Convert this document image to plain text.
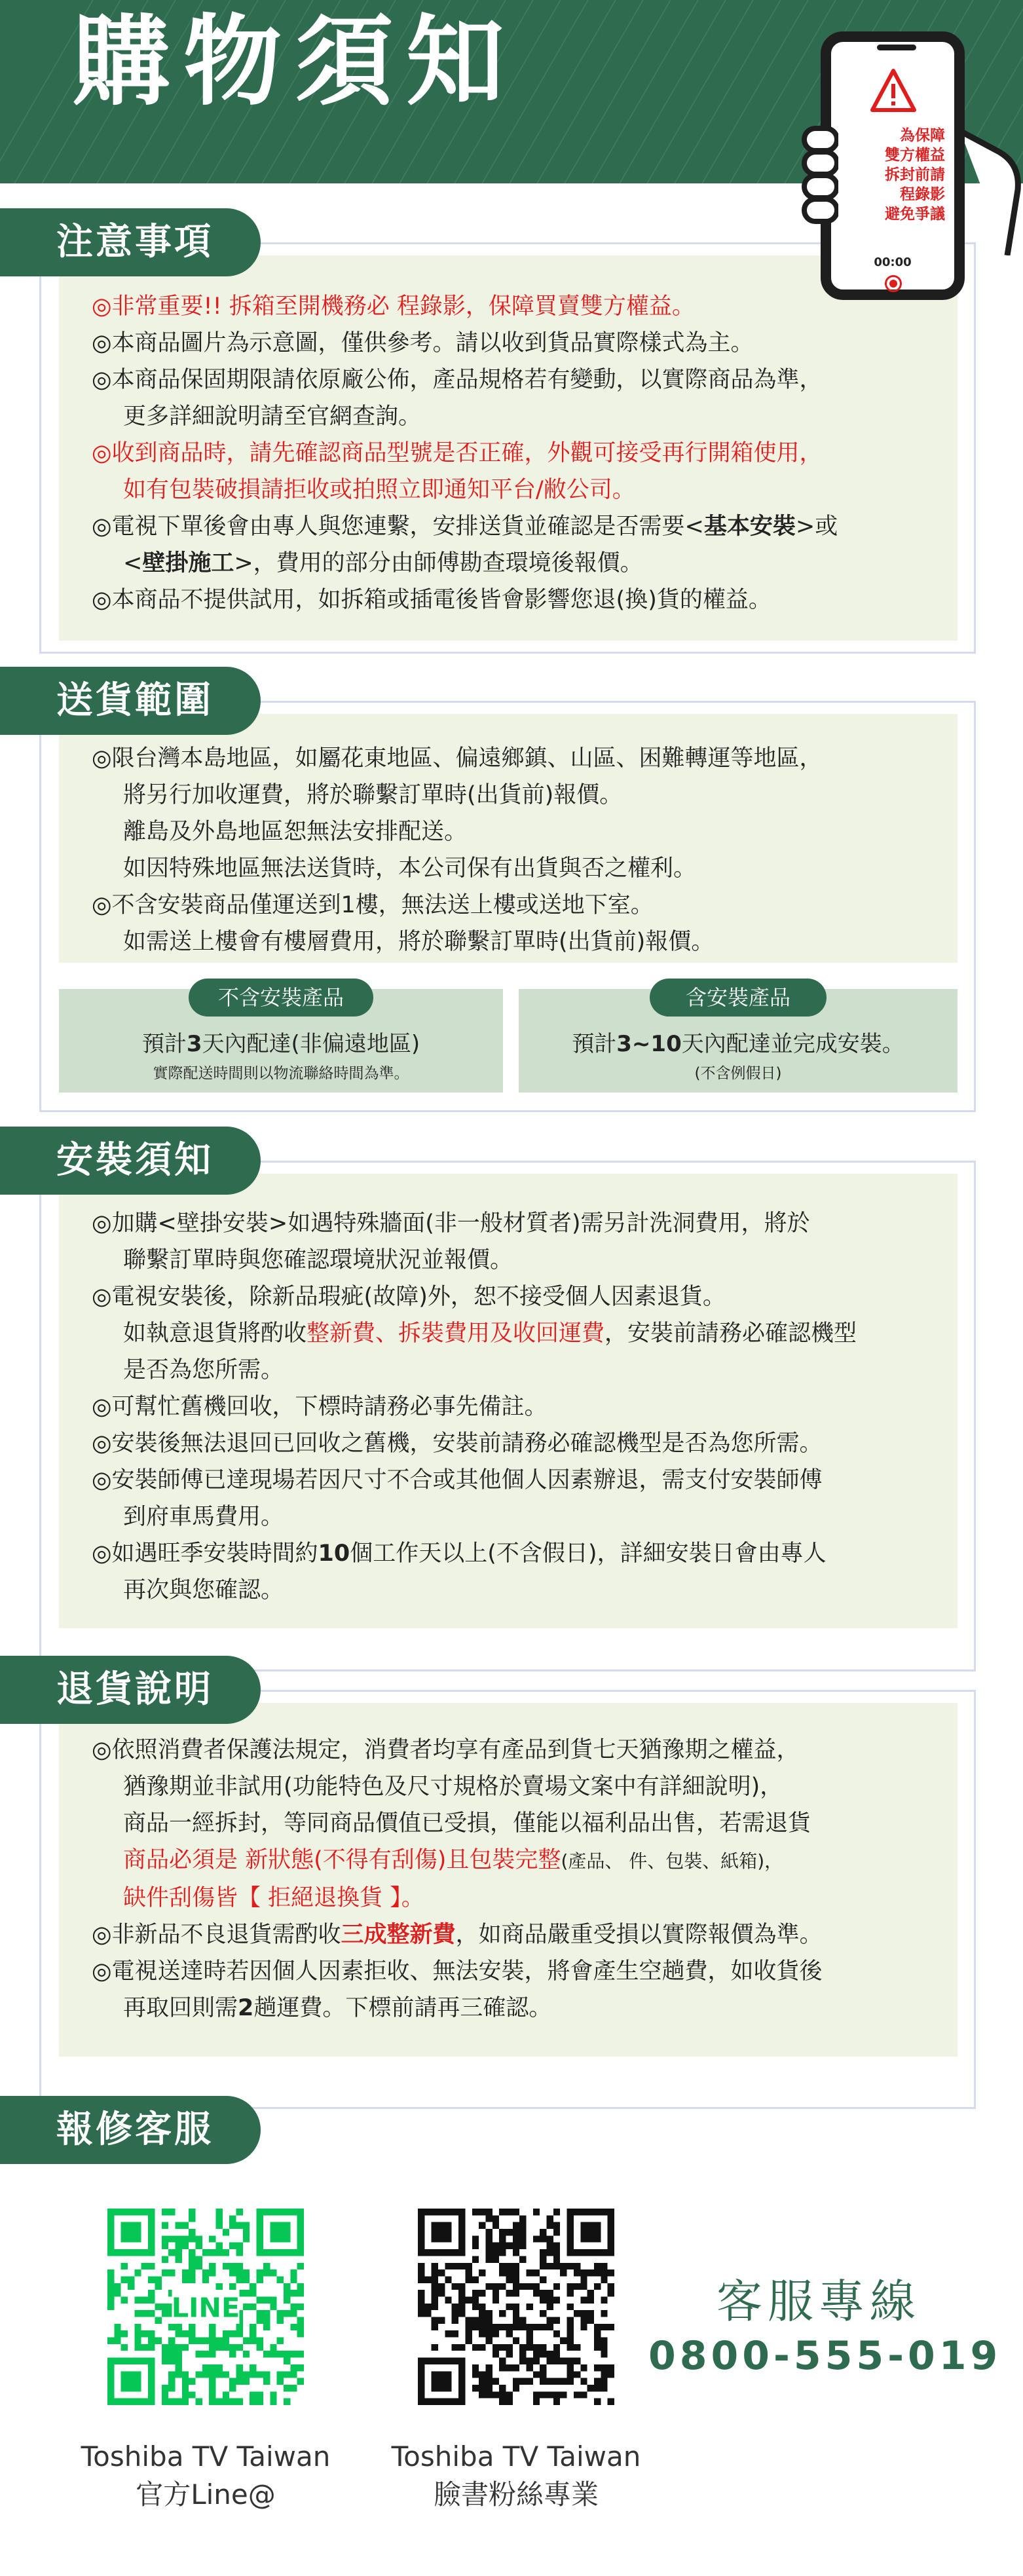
購物須知
為保障
雙方權益
拆封前請
程錄影
避免爭議
00:00
注意事項
◎非常重要!! 拆箱至開機務必 程錄影，保障買賣雙方權益。
◎本商品圖片為示意圖，僅供參考。請以收到貨品實際樣式為主。
◎本商品保固期限請依原廠公佈，產品規格若有變動，以實際商品為準，
更多詳細說明請至官網查詢。
◎收到商品時，請先確認商品型號是否正確，外觀可接受再行開箱使用，
如有包裝破損請拒收或拍照立即通知平台/敝公司。
◎電視下單後會由專人與您連繫，安排送貨並確認是否需要<基本安裝>或
<壁掛施工>，費用的部分由師傅勘查環境後報價。
◎本商品不提供試用，如拆箱或插電後皆會影響您退(換)貨的權益。
送貨範圍
◎限台灣本島地區，如屬花東地區、偏遠鄉鎮、山區、困難轉運等地區，
將另行加收運費，將於聯繫訂單時(出貨前)報價。
離島及外島地區恕無法安排配送。
如因特殊地區無法送貨時，本公司保有出貨與否之權利。
◎不含安裝商品僅運送到1樓，無法送上樓或送地下室。
如需送上樓會有樓層費用，將於聯繫訂單時(出貨前)報價。
不含安裝產品
預計3天內配達(非偏遠地區)
實際配送時間則以物流聯絡時間為準。
含安裝產品
預計3~10天內配達並完成安裝。
(不含例假日)
安裝須知
◎加購<壁掛安裝>如遇特殊牆面(非一般材質者)需另計洗洞費用，將於
聯繫訂單時與您確認環境狀況並報價。
◎電視安裝後，除新品瑕疵(故障)外，恕不接受個人因素退貨。
如執意退貨將酌收整新費、拆裝費用及收回運費，安裝前請務必確認機型
是否為您所需。
◎可幫忙舊機回收，下標時請務必事先備註。
◎安裝後無法退回已回收之舊機，安裝前請務必確認機型是否為您所需。
◎安裝師傅已達現場若因尺寸不合或其他個人因素辦退，需支付安裝師傅
到府車馬費用。
◎如遇旺季安裝時間約10個工作天以上(不含假日)，詳細安裝日會由專人
再次與您確認。
退貨說明
◎依照消費者保護法規定，消費者均享有產品到貨七天猶豫期之權益，
猶豫期並非試用(功能特色及尺寸規格於賣場文案中有詳細說明)，
商品一經拆封，等同商品價值已受損，僅能以福利品出售，若需退貨
商品必須是 新狀態(不得有刮傷)且包裝完整(產品、 件、包裝、紙箱)，
缺件刮傷皆【 拒絕退換貨 】。
◎非新品不良退貨需酌收三成整新費，如商品嚴重受損以實際報價為準。
◎電視送達時若因個人因素拒收、無法安裝，將會產生空趟費，如收貨後
再取回則需2趟運費。下標前請再三確認。
報修客服
LINE
Toshiba TV Taiwan
官方Line@
Toshiba TV Taiwan
臉書粉絲專業
客服專線
0800-555-019
